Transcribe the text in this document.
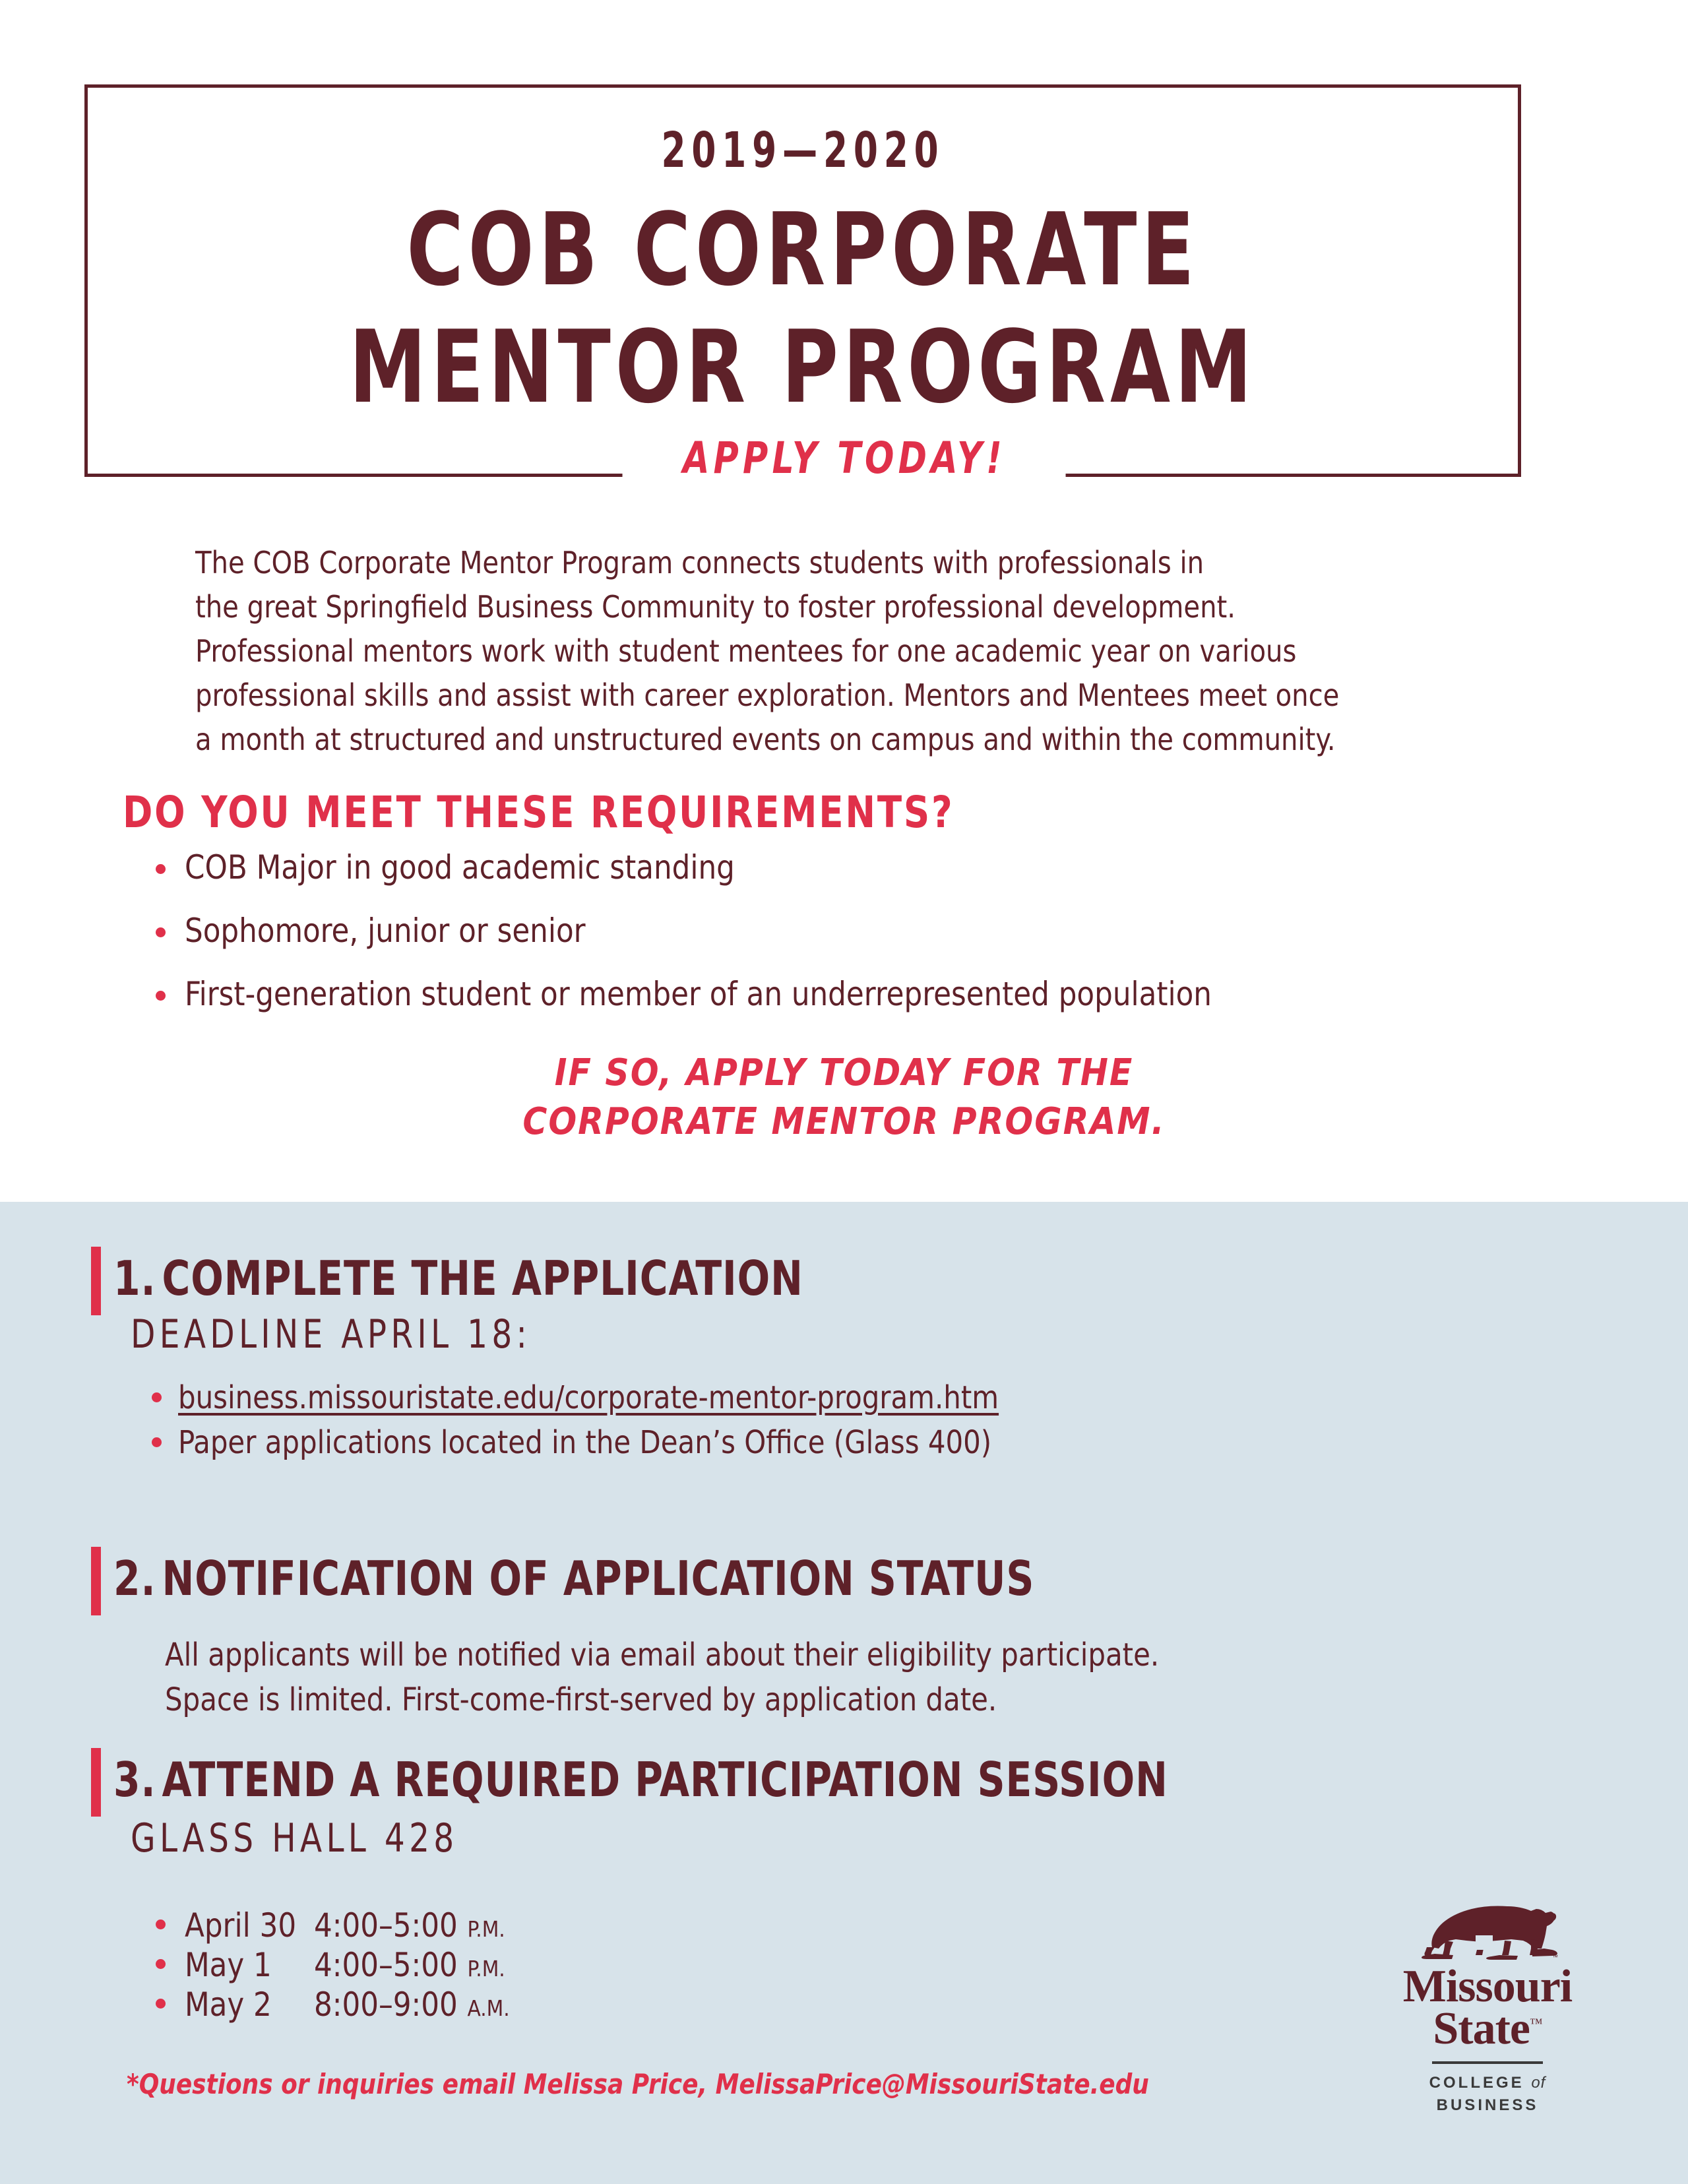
2019—2020
COB CORPORATE
MENTOR PROGRAM
APPLY TODAY!
The COB Corporate Mentor Program connects students with professionals in
the great Springfield Business Community to foster professional development.
Professional mentors work with student mentees for one academic year on various
professional skills and assist with career exploration. Mentors and Mentees meet once
a month at structured and unstructured events on campus and within the community.
DO YOU MEET THESE REQUIREMENTS?
COB Major in good academic standing
Sophomore, junior or senior
First-generation student or member of an underrepresented population
IF SO, APPLY TODAY FOR THE
CORPORATE MENTOR PROGRAM.
1. COMPLETE THE APPLICATION
DEADLINE APRIL 18:
business.missouristate.edu/corporate-mentor-program.htm
Paper applications located in the Dean’s Office (Glass 400)
2. NOTIFICATION OF APPLICATION STATUS
All applicants will be notified via email about their eligibility participate.
Space is limited. First-come-first-served by application date.
3. ATTEND A REQUIRED PARTICIPATION SESSION
GLASS HALL 428
April 30 4:00–5:00 P.M.
May 1 4:00–5:00 P.M.
May 2 8:00–9:00 A.M.
*Questions or inquiries email Melissa Price, MelissaPrice@MissouriState.edu
™
Missouri
State™
COLLEGE of
BUSINESS
